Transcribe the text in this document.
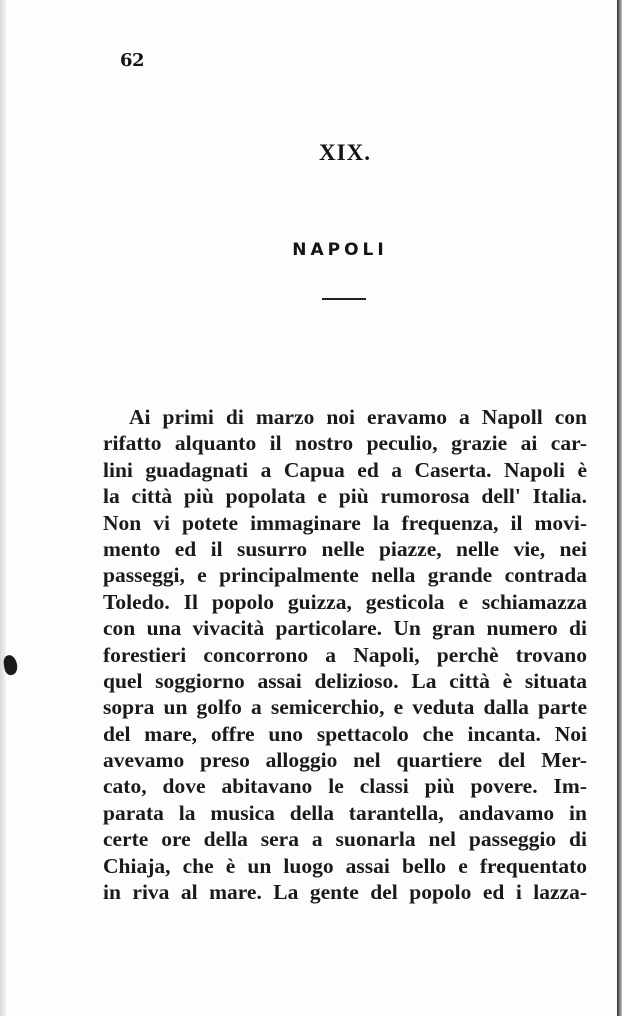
62
XIX.
NAPOLI
Ai primi di marzo noi eravamo a Napoll con
rifatto alquanto il nostro peculio, grazie ai car-
lini guadagnati a Capua ed a Caserta. Napoli è
la città più popolata e più rumorosa dell' Italia.
Non vi potete immaginare la frequenza, il movi-
mento ed il susurro nelle piazze, nelle vie, nei
passeggi, e principalmente nella grande contrada
Toledo. Il popolo guizza, gesticola e schiamazza
con una vivacità particolare. Un gran numero di
forestieri concorrono a Napoli, perchè trovano
quel soggiorno assai delizioso. La città è situata
sopra un golfo a semicerchio, e veduta dalla parte
del mare, offre uno spettacolo che incanta. Noi
avevamo preso alloggio nel quartiere del Mer-
cato, dove abitavano le classi più povere. Im-
parata la musica della tarantella, andavamo in
certe ore della sera a suonarla nel passeggio di
Chiaja, che è un luogo assai bello e frequentato
in riva al mare. La gente del popolo ed i lazza-
